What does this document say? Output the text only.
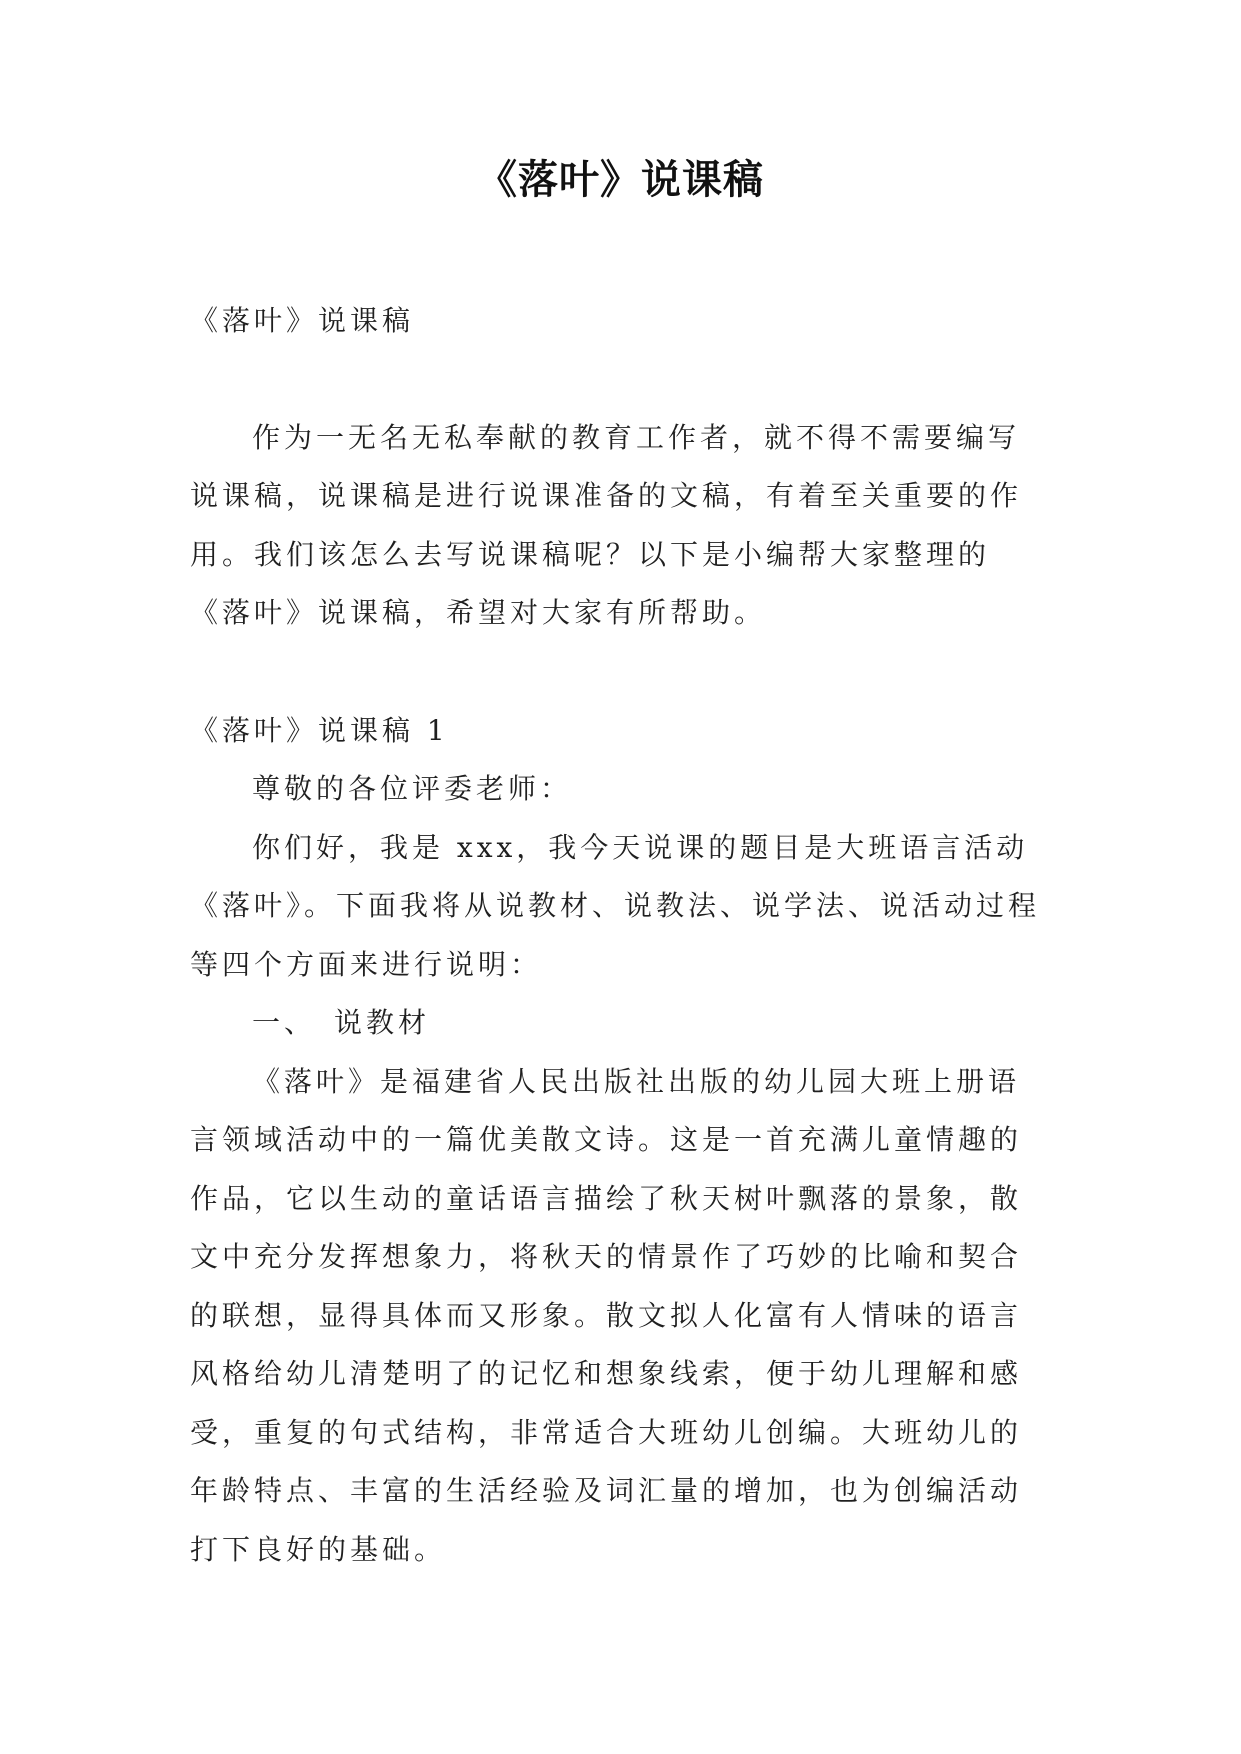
《落叶》说课稿

《落叶》说课稿

作为一无名无私奉献的教育工作者，就不得不需要编写说课稿，说课稿是进行说课准备的文稿，有着至关重要的作用。我们该怎么去写说课稿呢？以下是小编帮大家整理的《落叶》说课稿，希望对大家有所帮助。

《落叶》说课稿 1

尊敬的各位评委老师：

你们好，我是 xxx，我今天说课的题目是大班语言活动《落叶》。下面我将从说教材、说教法、说学法、说活动过程等四个方面来进行说明：

一、　说教材

《落叶》是福建省人民出版社出版的幼儿园大班上册语言领域活动中的一篇优美散文诗。这是一首充满儿童情趣的作品，它以生动的童话语言描绘了秋天树叶飘落的景象，散文中充分发挥想象力，将秋天的情景作了巧妙的比喻和契合的联想，显得具体而又形象。散文拟人化富有人情味的语言风格给幼儿清楚明了的记忆和想象线索，便于幼儿理解和感受，重复的句式结构，非常适合大班幼儿创编。大班幼儿的年龄特点、丰富的生活经验及词汇量的增加，也为创编活动打下良好的基础。
